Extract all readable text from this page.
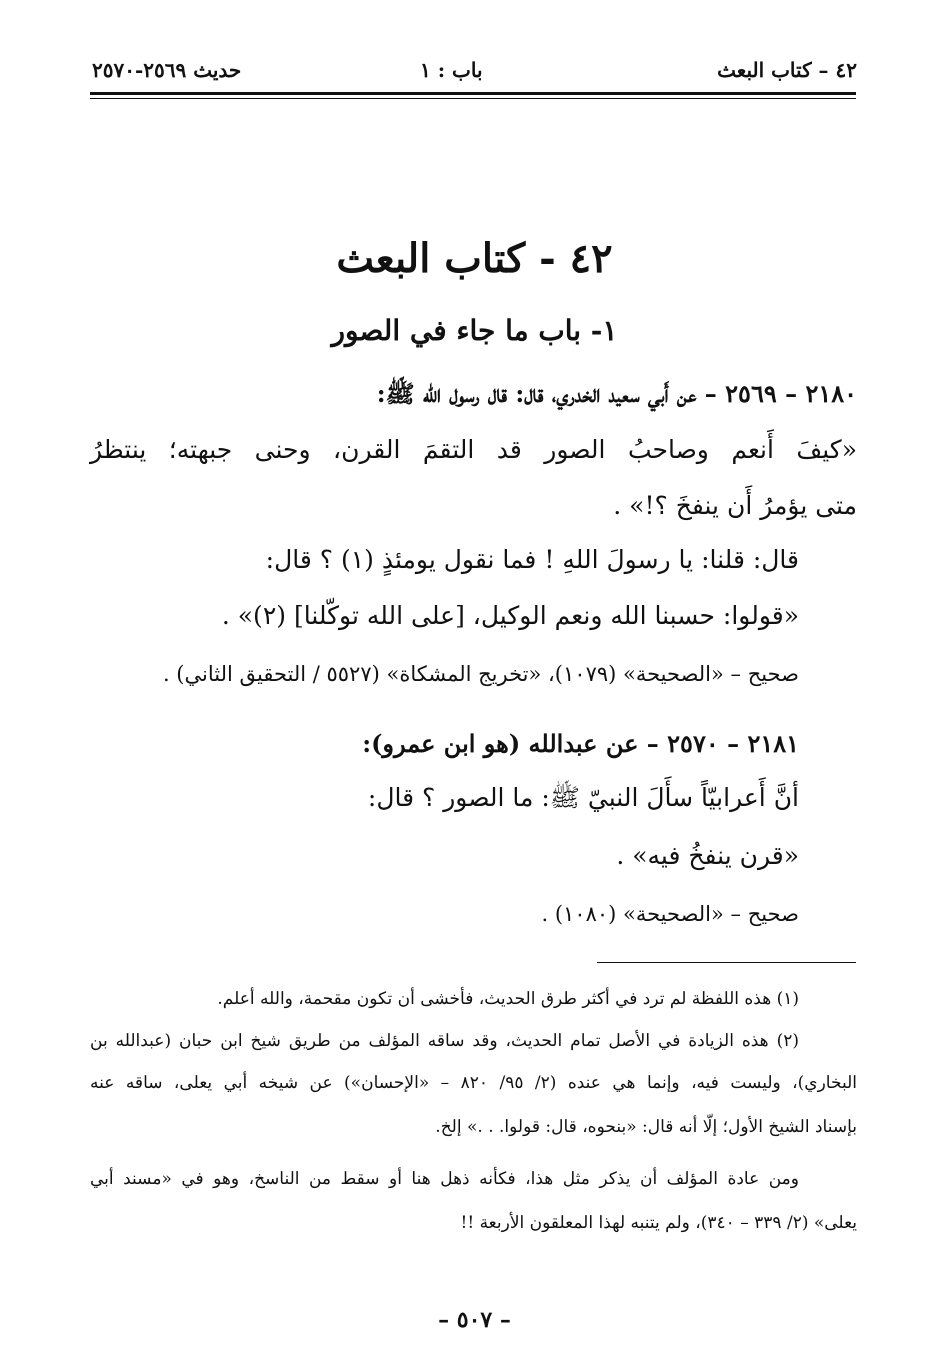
٤٢ – كتاب البعث
باب : ١
حديث ٢٥٦٩-٢٥٧٠
٤٢ - كتاب البعث
١- باب ما جاء في الصور
٢١٨٠ – ٢٥٦٩ – عن أَبي سعيد الخدري، قال: قال رسول الله ﷺ:
«كيفَ أَنعم وصاحبُ الصور قد التقمَ القرن، وحنى جبهته؛ ينتظرُ
متى يؤمرُ أَن ينفخَ ؟!» .
قال: قلنا: يا رسولَ اللهِ ! فما نقول يومئذٍ (١) ؟ قال:
«قولوا: حسبنا الله ونعم الوكيل، [على الله توكّلنا] (٢)» .
صحيح – «الصحيحة» (١٠٧٩)، «تخريج المشكاة» (٥٥٢٧ / التحقيق الثاني) .
٢١٨١ – ٢٥٧٠ – عن عبدالله (هو ابن عمرو):
أنَّ أَعرابيّاً سأَلَ النبيّ ﷺ: ما الصور ؟ قال:
«قرن ينفخُ فيه» .
صحيح – «الصحيحة» (١٠٨٠) .
(١) هذه اللفظة لم ترد في أكثر طرق الحديث، فأخشى أن تكون مقحمة، والله أعلم.
(٢) هذه الزيادة في الأصل تمام الحديث، وقد ساقه المؤلف من طريق شيخ ابن حبان (عبدالله بن
البخاري)، وليست فيه، وإنما هي عنده (٢/ ٩٥/ ٨٢٠ – «الإحسان») عن شيخه أبي يعلى، ساقه عنه
بإسناد الشيخ الأول؛ إلّا أنه قال: «بنحوه، قال: قولوا. . .» إلخ.
ومن عادة المؤلف أن يذكر مثل هذا، فكأنه ذهل هنا أو سقط من الناسخ، وهو في «مسند أبي
يعلى» (٢/ ٣٣٩ – ٣٤٠)، ولم يتنبه لهذا المعلقون الأربعة !!
– ٥٠٧ –
